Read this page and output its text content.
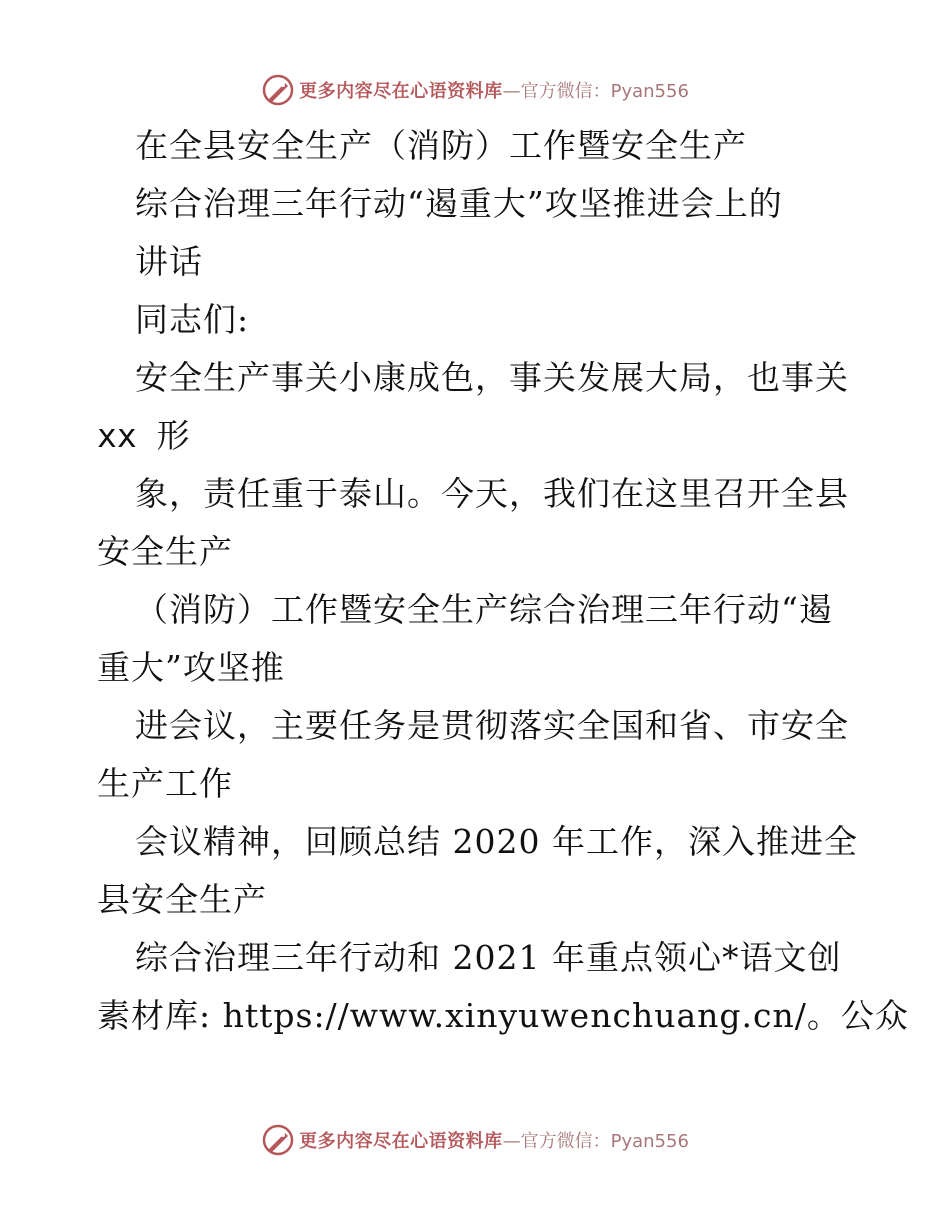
更多内容尽在心语资料库 —官方微信：Pyan556
在全县安全生产（消防）工作暨安全生产
综合治理三年行动“遏重大”攻坚推进会上的
讲话
同志们:
安全生产事关小康成色，事关发展大局，也事关
xx 形
象，责任重于泰山。今天，我们在这里召开全县
安全生产
（消防）工作暨安全生产综合治理三年行动“遏
重大”攻坚推
进会议，主要任务是贯彻落实全国和省、市安全
生产工作
会议精神，回顾总结 2020 年工作，深入推进全
县安全生产
综合治理三年行动和 2021 年重点领心*语文创
素材库: https://www.xinyuwenchuang.cn/。公众
更多内容尽在心语资料库 —官方微信：Pyan556
